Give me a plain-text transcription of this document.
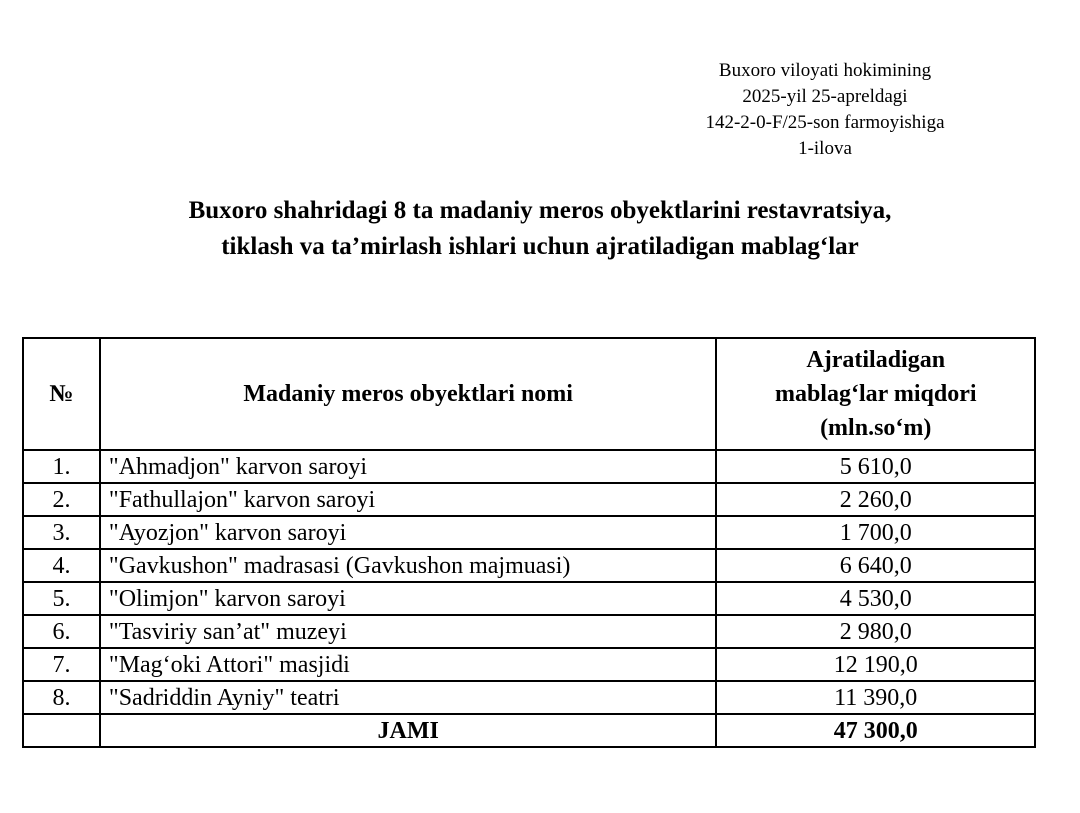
Buxoro viloyati hokimining
2025-yil 25-apreldagi
142-2-0-F/25-son farmoyishiga
1-ilova
Buxoro shahridagi 8 ta madaniy meros obyektlarini restavratsiya,
tiklash va ta’mirlash ishlari uchun ajratiladigan mablag‘lar
№	Madaniy meros obyektlari nomi	Ajratiladigan
mablag‘lar miqdori
(mln.so‘m)

1.	"Ahmadjon" karvon saroyi	5 610,0
2.	"Fathullajon" karvon saroyi	2 260,0
3.	"Ayozjon" karvon saroyi	1 700,0
4.	"Gavkushon" madrasasi (Gavkushon majmuasi)	6 640,0
5.	"Olimjon" karvon saroyi	4 530,0
6.	"Tasviriy san’at" muzeyi	2 980,0
7.	"Mag‘oki Attori" masjidi	12 190,0
8.	"Sadriddin Ayniy" teatri	11 390,0
	JAMI	47 300,0
